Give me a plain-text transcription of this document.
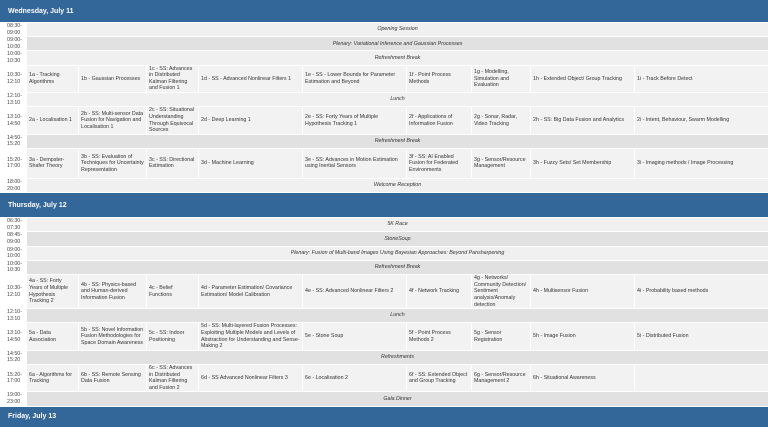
Wednesday, July 11
08:30-
09:00	Opening Session								
09:00-
10:00	Plenary: Variational Inference and Gaussian Processes								
10:00-
10:30	Refreshment Break								
10:30-
12:10	1a - Tracking Algorithms	1b - Gaussian Processes	1c - SS: Advances in Distributed Kalman Filtering and Fusion 1	1d - SS - Advanced Nonlinear Filters 1	1e - SS - Lower Bounds for Parameter Estimation and Beyond	1f - Point Process Methods	1g - Modelling, Simulation and Evaluation	1h - Extended Object/ Group Tracking	1i - Track Before Detect
12:10-
13:10	Lunch								
13:10-
14:50	2a - Localisation 1	2b - SS: Multi-sensor Data Fusion for Navigation and Localisation 1	2c - SS: Situational Understanding Through Equivocal Sources	2d - Deep Learning 1	2e - SS: Forty Years of Multiple Hypothesis Tracking 1	2f - Applications of Information Fusion	2g - Sonar, Radar, Video Tracking	2h - SS: Big Data Fusion and Analytics	2i - Intent, Behaviour, Swarm Modelling
14:50-
15:20	Refreshment Break								
15:20-
17:00	3a - Dempster-Shafer Theory	3b - SS: Evaluation of Techniques for Uncertainty Representation	3c - SS: Directional Estimation	3d - Machine Learning	3e - SS: Advances in Motion Estimation using Inertial Sensors	3f - SS: AI Enabled Fusion for Federated Environments	3g - Sensor/Resource Management	3h - Fuzzy Sets/ Set Membership	3i - Imaging methods / Image Processing
18:00-
20:00	Welcome Reception								
Thursday, July 12
06:30-
07:30	5K Race								
08:45-
09:00	StoneSoup								
09:00-
10:00	Plenary: Fusion of Multi-band Images Using Bayesian Approaches: Beyond Pansharpening								
10:00-
10:30	Refreshment Break								
10:30-
12:10	4a - SS: Forty Years of Multiple Hypothesis Tracking 2	4b - SS: Physics-based and Human-derived Information Fusion	4c - Belief Functions	4d - Parameter Estimation/ Covariance Estimation/ Model Calibration	4e - SS: Advanced Nonlinear Filters 2	4f - Network Tracking	4g - Networks/ Community Detection/ Sentiment analysis/Anomaly detection	4h - Multisensor Fusion	4i - Probability based methods
12:10-
13:10	Lunch								
13:10-
14:50	5a - Data Association	5b - SS: Novel Information Fusion Methodologies for Space Domain Awareness	5c - SS: Indoor Positioning	5d - SS: Multi-layered Fusion Processes: Exploiting Multiple Models and Levels of Abstraction for Understanding and Sense-Making 2	5e - Stone Soup	5f - Point Process Methods 2	5g - Sensor Registration	5h - Image Fusion	5i - Distributed Fusion
14:50-
15:20	Refreshments								
15:20-
17:00	6a - Algorithms for Tracking	6b - SS: Remote Sensing Data Fusion	6c - SS: Advances in Distributed Kalman Filtering and Fusion 2	6d - SS Advanced Nonlinear Filters 3	6e - Localisation 2	6f - SS: Extended Object and Group Tracking	6g - Sensor/Resource Management 2	6h - Situational Awareness	
19:00-
23:00	Gala Dinner								
Friday, July 13
